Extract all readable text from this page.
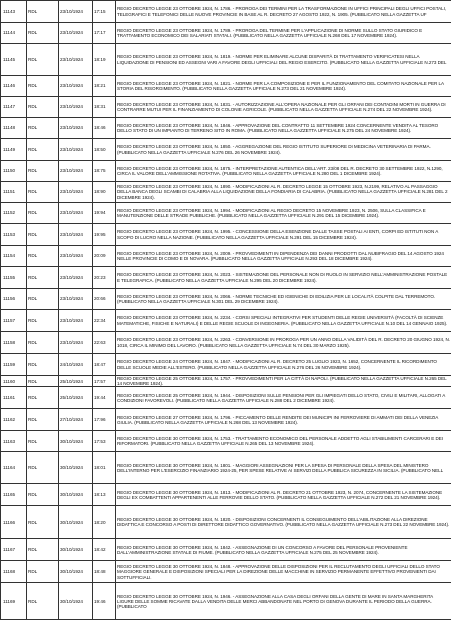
11143	RDL	23/10/1924	17:15	REGIO DECRETO LEGGE 23 OTTOBRE 1924, N. 1786. - PROROGA DEI TERMINI PER LA TRASFORMAZIONE IN UFFICI PRINCIPALI DEGLI UFFICI POSTALI, TELEGRAFICI E TELEFONICI DELLE NUOVE PROVINCIE IN BASE AL R. DECRETO 27 AGOSTO 1922, N. 1905. (PUBBLICATO NELLA GAZZETTA UF
11144	RDL	23/10/1924	17:17	REGIO DECRETO LEGGE 23 OTTOBRE 1924, N. 1789. - PROROGA DEL TERMINE PER L'APPLICAZIONE DI NORME SULLO STATO GIURIDICO E TRATTAMENTO ECONOMICO DEI SALARIATI STATALI. (PUBBLICATO NELLA GAZZETTA UFFICIALE N.268 DEL 17 NOVEMBRE 1924).
11145	RDL	23/10/1924	18:19	REGIO DECRETO LEGGE 23 OTTOBRE 1924, N. 1819. - NORME PER ELIMINARE ALCUNE DISPARITÀ DI TRATTAMENTO VERIFICATESI NELLA LIQUIDAZIONE DI PENSIONI ED ASSEGNI VARI A FAVORE DEGLI UFFICIALI DEL REGIO ESERCITO. (PUBBLICATO NELLA GAZZETTA UFFICIALE N.273 DEL
11146	RDL	23/10/1924	18:21	REGIO DECRETO LEGGE 23 OTTOBRE 1924, N. 1821. - NORME PER LA COMPOSIZIONE E PER IL FUNZIONAMENTO DEL COMITATO NAZIONALE PER LA STORIA DEL RISORGIMENTO. (PUBBLICATO NELLA GAZZETTA UFFICIALE N.273 DEL 21 NOVEMBRE 1924).
11147	RDL	23/10/1924	18:31	REGIO DECRETO LEGGE 23 OTTOBRE 1924, N. 1831. - AUTORIZZAZIONE ALL'OPERA NAZIONALE PER GLI ORFANI DEI CONTADINI MORTI IN GUERRA DI CONTRARRE MUTUI PER IL FINANZIAMENTO DI COLONIE AGRICOLE. (PUBBLICATO NELLA GAZZETTA UFFICIALE N.274 DEL 22 NOVEMBRE 1924).
11148	RDL	23/10/1924	18:46	REGIO DECRETO LEGGE 23 OTTOBRE 1924, N. 1846. - APPROVAZIONE DEL CONTRATTO 11 SETTEMBRE 1924 CONCERNENTE VENDITA AL TESORO DELLO STATO DI UN IMPIANTO DI TERRENO SITO IN ROMA. (PUBBLICATO NELLA GAZZETTA UFFICIALE N.275 DEL 24 NOVEMBRE 1924).
11149	RDL	23/10/1924	18:50	REGIO DECRETO LEGGE 23 OTTOBRE 1924, N. 1850. - AGGREGAZIONE DEL REGIO ISTITUTO SUPERIORE DI MEDICINA VETERINARIA DI PARMA. (PUBBLICATO NELLA GAZZETTA UFFICIALE N.276 DEL 26 NOVEMBRE 1924).
11150	RDL	23/10/1924	18:75	REGIO DECRETO LEGGE 23 OTTOBRE 1924, N. 1875. - INTERPRETAZIONE AUTENTICA DELL'ART. 23/08 DEL R. DECRETO 30 SETTEMBRE 1922, N.1290, CIRCA IL VALORE DELL'AMMISSIONE ROTATIVA. (PUBBLICATO NELLA GAZZETTA UFFICIALE N.280 DEL 1 DICEMBRE 1924).
11151	RDL	23/10/1924	18:90	REGIO DECRETO LEGGE 23 OTTOBRE 1924, N. 1890. - MODIFICAZIONI AL R. DECRETO LEGGE 15 OTTOBRE 1923, N.2199, RELATIVO AL PASSAGGIO DELLA BANCA DEGLI SCAMBI DI CALABRIA ALLA LIQUIDAZIONE DELLA FONDIARIA DI CALABRIA. (PUBBLICATO NELLA GAZZETTA UFFICIALE N.281 DEL 2 DICEMBRE 1924).
11152	RDL	23/10/1924	19:94	REGIO DECRETO LEGGE 23 OTTOBRE 1924, N. 1994. - MODIFICAZIONI AL REGIO DECRETO 15 NOVEMBRE 1923, N. 2506, SULLA CLASSIFICA E MANUTENZIONE DELLE STRADE PUBBLICHE. (PUBBLICATO NELLA GAZZETTA UFFICIALE N.291 DEL 15 DICEMBRE 1924).
11153	RDL	23/10/1924	19:95	REGIO DECRETO LEGGE 23 OTTOBRE 1924, N. 1995. - CONCESSIONE DELLA ESENZIONE DALLE TASSE POSTALI AI ENTI, CORPI ED ISTITUTI NON A SCOPO DI LUCRO NELLA NAZIONE. (PUBBLICATO NELLA GAZZETTA UFFICIALE N.291 DEL 15 DICEMBRE 1924).
11154	RDL	23/10/1924	20:09	REGIO DECRETO LEGGE 23 OTTOBRE 1924, N. 2009. - PROVVEDIMENTI IN DIPENDENZA DEI DANNI PRODOTTI DAL NUBIFRAGIO DEL 14 AGOSTO 1924 NELLE PROVINCIE DI COMO E DI NOVARA. (PUBBLICATO NELLA GAZZETTA UFFICIALE N.293 DEL 18 DICEMBRE 1924).
11155	RDL	23/10/1924	20:23	REGIO DECRETO LEGGE 23 OTTOBRE 1924, N. 2023. - SISTEMAZIONE DEL PERSONALE NON DI RUOLO IN SERVIZIO NELL'AMMINISTRAZIONE POSTALE E TELEGRAFICA. (PUBBLICATO NELLA GAZZETTA UFFICIALE N.295 DEL 20 DICEMBRE 1924).
11156	RDL	23/10/1924	20:66	REGIO DECRETO LEGGE 23 OTTOBRE 1924, N. 2066. - NORME TECNICHE ED IGIENICHE DI EDILIZIA PER LE LOCALITÀ COLPITE DAL TERREMOTO. (PUBBLICATO NELLA GAZZETTA UFFICIALE N.301 DEL 29 DICEMBRE 1924).
11157	RDL	23/10/1924	22:34	REGIO DECRETO LEGGE 23 OTTOBRE 1924, N. 2234. - CORSI SPECIALI INTEGRATIVI PER STUDENTI DELLE REGIE UNIVERSITÀ (FACOLTÀ DI SCIENZE MATEMATICHE, FISICHE E NATURALI) E DELLE REGIE SCUOLE DI INGEGNERIA. (PUBBLICATO NELLA GAZZETTA UFFICIALE N.10 DEL 14 GENNAIO 1925).
11158	RDL	23/10/1924	22:63	REGIO DECRETO LEGGE 23 OTTOBRE 1924, N. 2263. - CONVERSIONE IN PROROGA PER UN ANNO DELLA VALIDITÀ DEL R. DECRETO 20 GIUGNO 1924, N. 1018, CIRCA IL MINIMO DEL LAVORO. (PUBBLICATO NELLA GAZZETTA UFFICIALE N.74 DEL 30 MARZO 1925).
11159	RDL	24/10/1924	18:47	REGIO DECRETO LEGGE 24 OTTOBRE 1924, N. 1847. - MODIFICAZIONI AL R. DECRETO 25 LUGLIO 1923, N. 1652, CONCERNENTE IL RICORDIMENTO DELLE SCUOLE MEDIE ALL'ESTERO. (PUBBLICATO NELLA GAZZETTA UFFICIALE N.276 DEL 26 NOVEMBRE 1924).
11160	RDL	25/10/1924	17:57	REGIO DECRETO LEGGE 25 OTTOBRE 1924, N. 1757. - PROVVEDIMENTI PER LA CITTÀ DI NAPOLI. (PUBBLICATO NELLA GAZZETTA UFFICIALE N.265 DEL 14 NOVEMBRE 1924).
11161	RDL	25/10/1924	19:44	REGIO DECRETO LEGGE 25 OTTOBRE 1924, N. 1944. - DISPOSIZIONI SULLE PENSIONI PER GLI IMPIEGATI DELLO STATO, CIVILI E MILITARI, ALLOGATI A CONDIZIONI FAVOREVOLI. (PUBBLICATO NELLA GAZZETTA UFFICIALE N.288 DEL 2 DICEMBRE 1924).
11162	RDL	27/10/1924	17:96	REGIO DECRETO LEGGE 27 OTTOBRE 1924, N. 1796. - PICCAMENTO DELLE RENDITE DEI MUNICIPI INI FERROVIERE DI AMMATI DEI DELLA VENEZIA GIULIA. (PUBBLICATO NELLA GAZZETTA UFFICIALE N.268 DEL 13 NOVEMBRE 1924).
11163	RDL	30/10/1924	17:53	REGIO DECRETO LEGGE 30 OTTOBRE 1924, N. 1753. - TRATTAMENTO ECONOMICO DEL PERSONALE ADDETTO AGLI STABILIMENTI CARCERARI E DEI RIFORMATORI. (PUBBLICATO NELLA GAZZETTA UFFICIALE N.265 DEL 13 NOVEMBRE 1924).
11164	RDL	30/10/1924	18:01	REGIO DECRETO LEGGE 30 OTTOBRE 1924, N. 1801. - MAGGIORI ASSEGNAZIONI PER LA SPESA DI PERSONALE DELLA SPESA DEL MINISTERO DELL'INTERNO PER L'ESERCIZIO FINANZIARIO 1924-25, PER SPESE RELATIVE AI SERVIZI DELLA PUBBLICA SICUREZZA IN SICILIA. (PUBBLICATO NELL
11165	RDL	30/10/1924	18:13	REGIO DECRETO LEGGE 30 OTTOBRE 1924, N. 1813. - MODIFICAZIONI AL R. DECRETO 21 OTTOBRE 1923, N. 2074, CONCERNENTE LA SISTEMAZIONE DEGLI EX COMBATTENTI APPARTENENTI ALLE FERROVIE DELLO STATO. (PUBBLICATO NELLA GAZZETTA UFFICIALE N.272 DEL 21 NOVEMBRE 1924).
11166	RDL	30/10/1924	18:20	REGIO DECRETO LEGGE 30 OTTOBRE 1924, N. 1820. - DISPOSIZIONI CONCERNENTI IL CONSEGUIMENTO DELL'ABILITAZIONE ALLA DIREZIONE DIDATTICA E CONCORSO A POSTI DI DIRETTORE DIDATTICO GOVERNATIVO. (PUBBLICATO NELLA GAZZETTA UFFICIALE N.273 DEL 22 NOVEMBRE 1924).
11167	RDL	30/10/1924	18:42	REGIO DECRETO LEGGE 30 OTTOBRE 1924, N. 1842. - ASSEGNAZIONE DI UN CONCORSO A FAVORE DEL PERSONALE PROVENIENTE DALL'AMMINISTRAZIONE STATALE DI FIUME. (PUBBLICATO NELLA GAZZETTA UFFICIALE N.275 DEL 25 NOVEMBRE 1924).
11168	RDL	30/10/1924	18:48	REGIO DECRETO LEGGE 30 OTTOBRE 1924, N. 1848. - APPROVAZIONE DELLE DISPOSIZIONI PER IL RECLUTAMENTO DEGLI UFFICIALI DELLO STATO MAGGIORE GENERALE E DISPOSIZIONI SPECIALI PER LA DIREZIONE DELLE MACCHINE IN SERVIZIO PERMANENTE EFFETTIVO PROVENIENTI DAI SOTTUFFICIALI.
11169	RDL	30/10/1924	19:46	REGIO DECRETO LEGGE 30 OTTOBRE 1924, N. 1946. - ASSEGNAZIONE ALLA CASA DEGLI ORFANI DELLA GENTE DI MARE IN SANTA MARGHERITA LIGURE DELLE SOMME RICAVATE DALLA VENDITA DELLE MERCI ABBANDONATE NEL PORTO DI GENOVA DURANTE IL PERIODO DELLA GUERRA. (PUBBLICATO
